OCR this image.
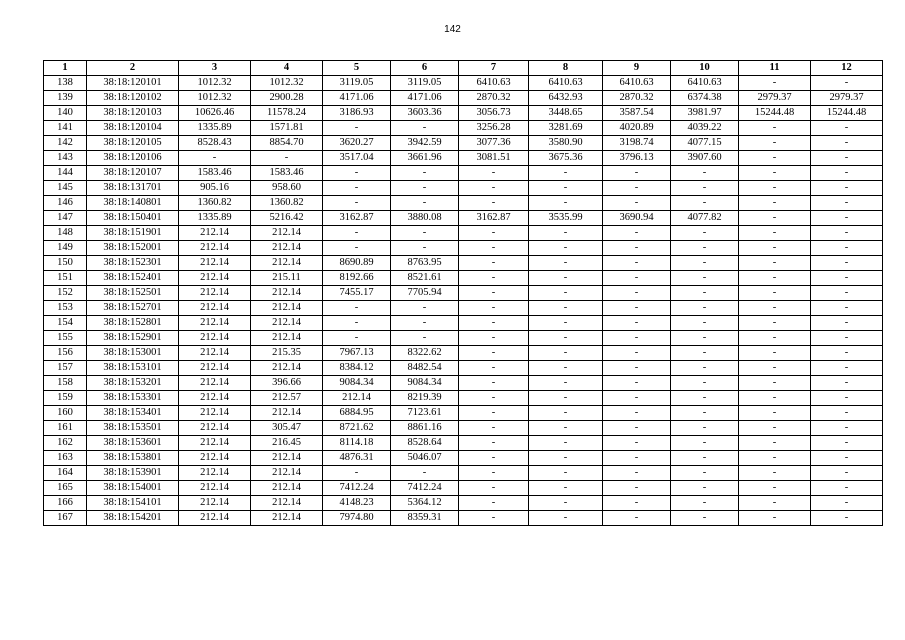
142
1	2	3	4	5	6	7	8	9	10	11	12
138	38:18:120101	1012.32	1012.32	3119.05	3119.05	6410.63	6410.63	6410.63	6410.63	-	-
139	38:18:120102	1012.32	2900.28	4171.06	4171.06	2870.32	6432.93	2870.32	6374.38	2979.37	2979.37
140	38:18:120103	10626.46	11578.24	3186.93	3603.36	3056.73	3448.65	3587.54	3981.97	15244.48	15244.48
141	38:18:120104	1335.89	1571.81	-	-	3256.28	3281.69	4020.89	4039.22	-	-
142	38:18:120105	8528.43	8854.70	3620.27	3942.59	3077.36	3580.90	3198.74	4077.15	-	-
143	38:18:120106	-	-	3517.04	3661.96	3081.51	3675.36	3796.13	3907.60	-	-
144	38:18:120107	1583.46	1583.46	-	-	-	-	-	-	-	-
145	38:18:131701	905.16	958.60	-	-	-	-	-	-	-	-
146	38:18:140801	1360.82	1360.82	-	-	-	-	-	-	-	-
147	38:18:150401	1335.89	5216.42	3162.87	3880.08	3162.87	3535.99	3690.94	4077.82	-	-
148	38:18:151901	212.14	212.14	-	-	-	-	-	-	-	-
149	38:18:152001	212.14	212.14	-	-	-	-	-	-	-	-
150	38:18:152301	212.14	212.14	8690.89	8763.95	-	-	-	-	-	-
151	38:18:152401	212.14	215.11	8192.66	8521.61	-	-	-	-	-	-
152	38:18:152501	212.14	212.14	7455.17	7705.94	-	-	-	-	-	-
153	38:18:152701	212.14	212.14	-	-	-	-	-	-	-	-
154	38:18:152801	212.14	212.14	-	-	-	-	-	-	-	-
155	38:18:152901	212.14	212.14	-	-	-	-	-	-	-	-
156	38:18:153001	212.14	215.35	7967.13	8322.62	-	-	-	-	-	-
157	38:18:153101	212.14	212.14	8384.12	8482.54	-	-	-	-	-	-
158	38:18:153201	212.14	396.66	9084.34	9084.34	-	-	-	-	-	-
159	38:18:153301	212.14	212.57	212.14	8219.39	-	-	-	-	-	-
160	38:18:153401	212.14	212.14	6884.95	7123.61	-	-	-	-	-	-
161	38:18:153501	212.14	305.47	8721.62	8861.16	-	-	-	-	-	-
162	38:18:153601	212.14	216.45	8114.18	8528.64	-	-	-	-	-	-
163	38:18:153801	212.14	212.14	4876.31	5046.07	-	-	-	-	-	-
164	38:18:153901	212.14	212.14	-	-	-	-	-	-	-	-
165	38:18:154001	212.14	212.14	7412.24	7412.24	-	-	-	-	-	-
166	38:18:154101	212.14	212.14	4148.23	5364.12	-	-	-	-	-	-
167	38:18:154201	212.14	212.14	7974.80	8359.31	-	-	-	-	-	-
